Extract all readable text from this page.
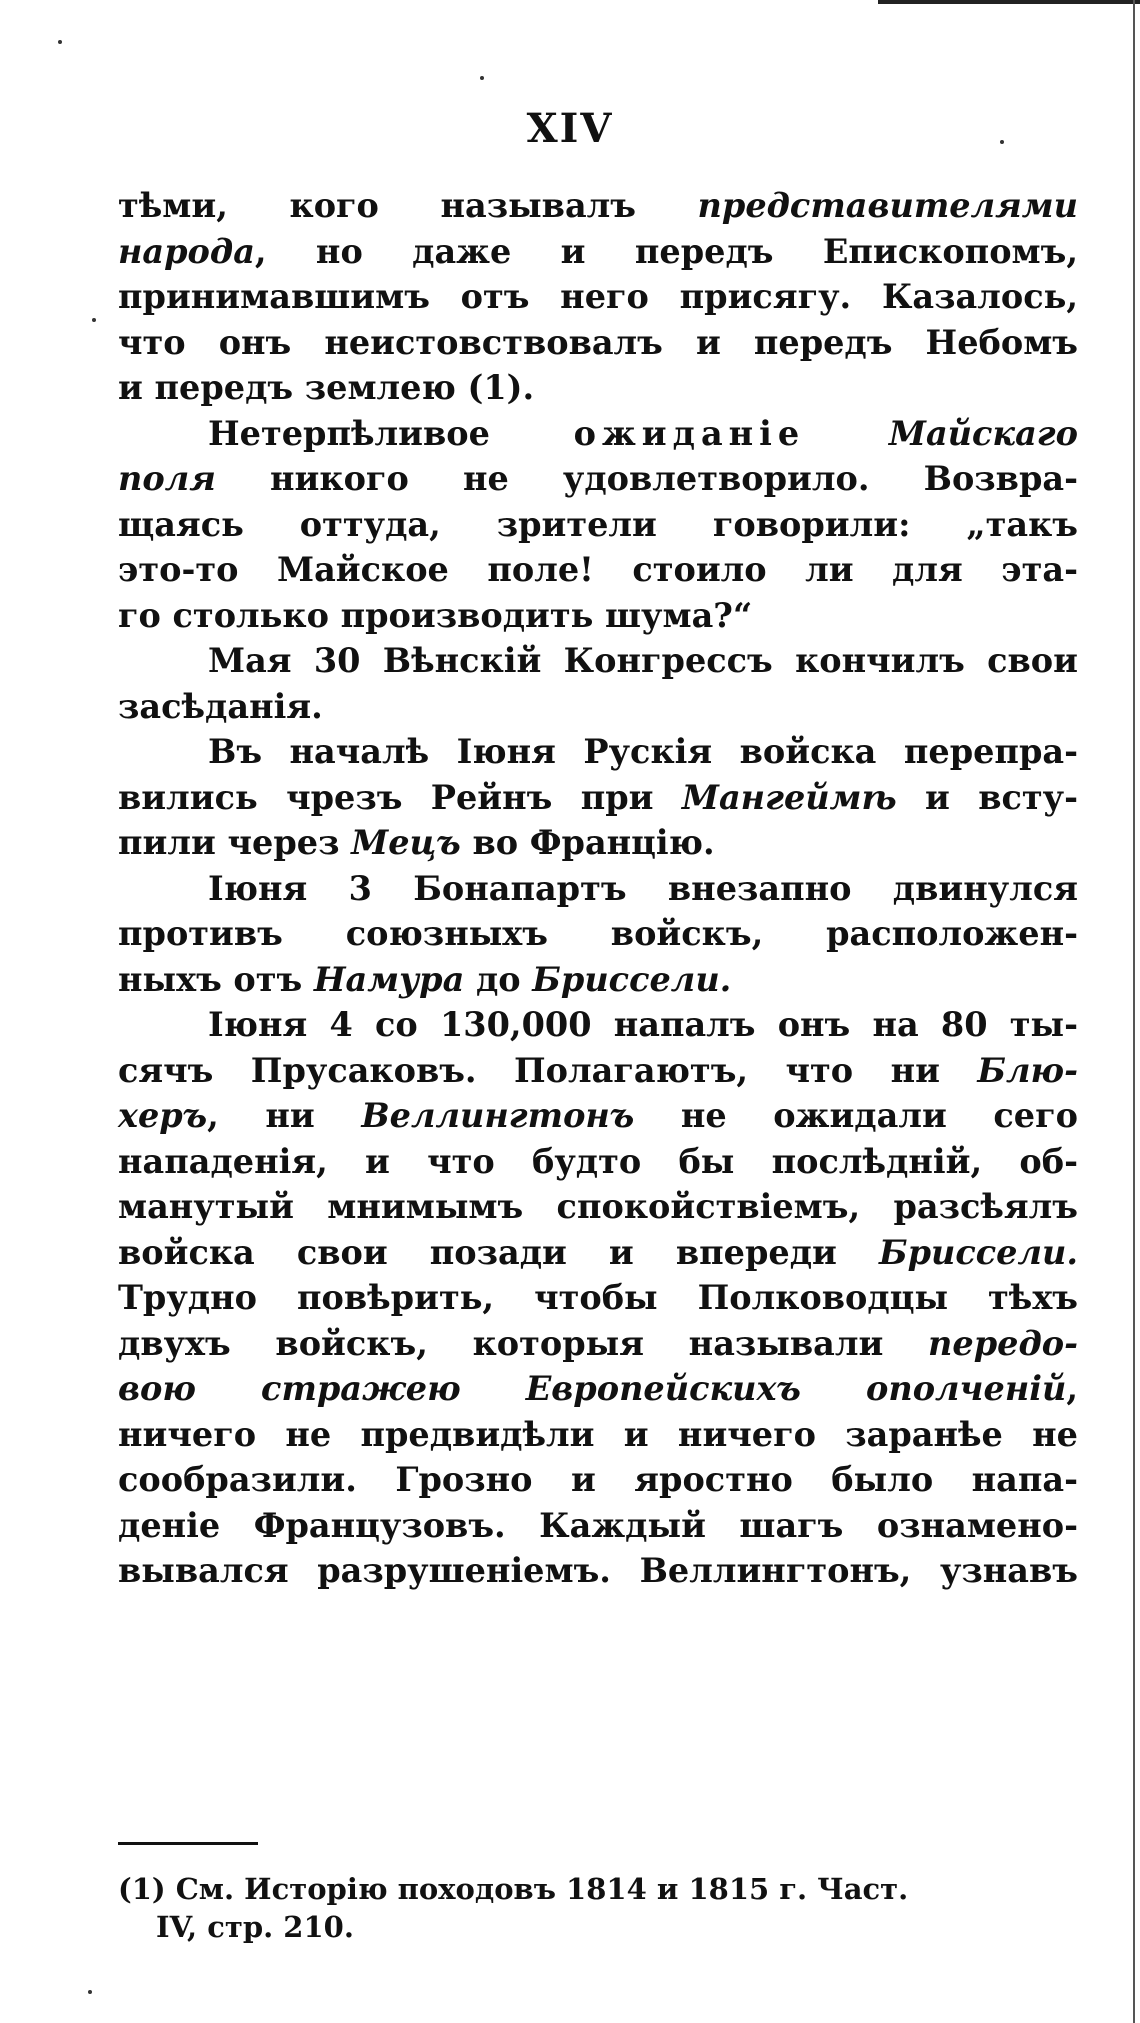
XIV
тѣми, кого называлъ представителями
народа, но даже и передъ Епископомъ,
принимавшимъ отъ него присягу. Казалось,
что онъ неистовствовалъ и передъ Небомъ
и передъ землею (1).
Нетерпѣливое ожиданіе Майскаго
поля никого не удовлетворило. Возвра-
щаясь оттуда, зрители говорили: „такъ
это-то Майское поле! стоило ли для эта-
го столько производить шума?“
Мая 30 Вѣнскій Конгрессъ кончилъ свои
засѣданія.
Въ началѣ Іюня Рускія войска перепра-
вились чрезъ Рейнъ при Мангеймѣ и всту-
пили через Мецъ во Францію.
Іюня 3 Бонапартъ внезапно двинулся
противъ союзныхъ войскъ, расположен-
ныхъ отъ Намура до Бриссели.
Іюня 4 со 130,000 напалъ онъ на 80 ты-
сячъ Прусаковъ. Полагаютъ, что ни Блю-
херъ, ни Веллингтонъ не ожидали сего
нападенія, и что будто бы послѣдній, об-
манутый мнимымъ спокойствіемъ, разсѣялъ
войска свои позади и впереди Бриссели.
Трудно повѣрить, чтобы Полководцы тѣхъ
двухъ войскъ, которыя называли передо-
вою стражею Европейскихъ ополченій,
ничего не предвидѣли и ничего заранѣе не
сообразили. Грозно и яростно было напа-
деніе Французовъ. Каждый шагъ ознамено-
вывался разрушеніемъ. Веллингтонъ, узнавъ
(1) См. Исторію походовъ 1814 и 1815 г. Част.
IV, стр. 210.
